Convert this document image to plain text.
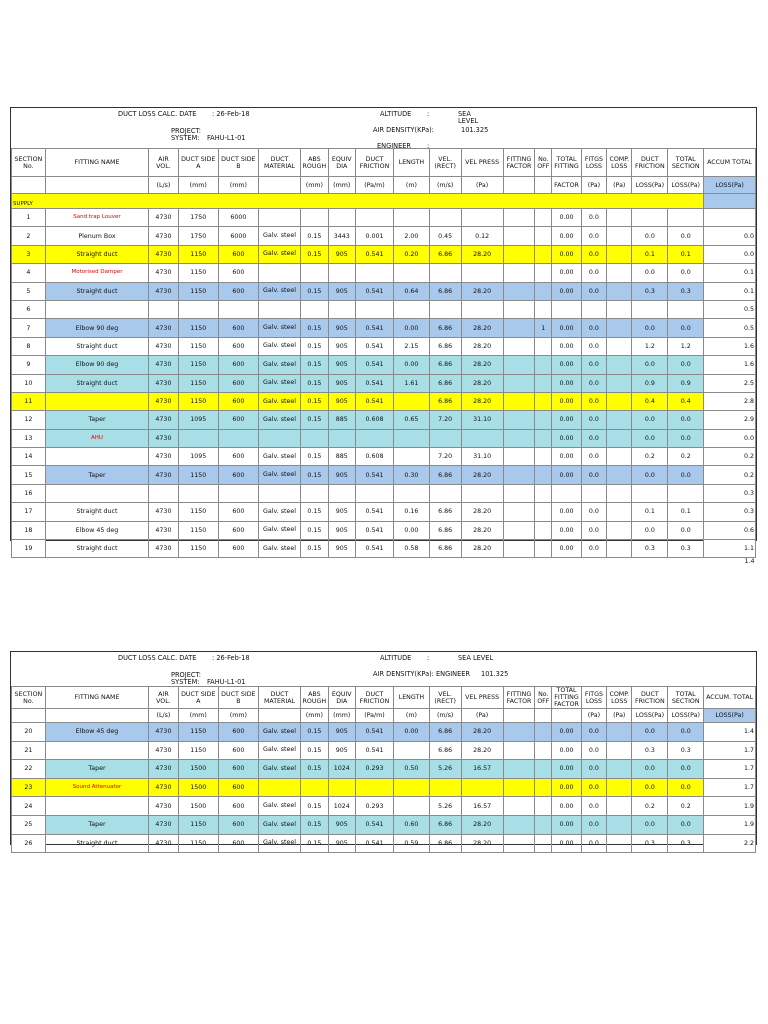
DUCT LOSS CALC. DATE : 26-Feb-18	ALTITUDE :	SEA LEVEL
PROJECT:
SYSTEM: FAHU-L1-01
AIR DENSITY(KPa):	101.325
ENGINEER :
SECTION No.	FITTING NAME	AIR VOL.	DUCT SIDE A	DUCT SIDE B	DUCT MATERIAL	ABS ROUGH	EQUIV DIA	DUCT FRICTION	LENGTH	VEL. (RECT)	VEL PRESS	FITTING FACTOR	No. OFF	TOTAL FITTING	FITGS LOSS	COMP. LOSS	DUCT FRICTION	TOTAL SECTION	ACCUM TOTAL
		(L/s)	(mm)	(mm)		(mm)	(mm)	(Pa/m)	(m)	(m/s)	(Pa)			FACTOR	(Pa)	(Pa)	LOSS(Pa)	LOSS(Pa)	LOSS(Pa)
SUPPLY																			
1	Sand trap Louver	4730	1750	6000										0.00	0.0				
2	Plenum Box	4730	1750	6000	Galv. steel	0.15	3443	0.001	2.00	0.45	0.12			0.00	0.0		0.0	0.0	0.0
3	Straight duct	4730	1150	600	Galv. steel	0.15	905	0.541	0.20	6.86	28.20			0.00	0.0		0.1	0.1	0.0
4	Motorised Damper	4730	1150	600										0.00	0.0		0.0	0.0	0.1
5	Straight duct	4730	1150	600	Galv. steel	0.15	905	0.541	0.64	6.86	28.20			0.00	0.0		0.3	0.3	0.1
6																			0.5
7	Elbow 90 deg	4730	1150	600	Galv. steel	0.15	905	0.541	0.00	6.86	28.20		1	0.00	0.0		0.0	0.0	0.5
8	Straight duct	4730	1150	600	Galv. steel	0.15	905	0.541	2.15	6.86	28.20			0.00	0.0		1.2	1.2	1.6
9	Elbow 90 deg	4730	1150	600	Galv. steel	0.15	905	0.541	0.00	6.86	28.20			0.00	0.0		0.0	0.0	1.6
10	Straight duct	4730	1150	600	Galv. steel	0.15	905	0.541	1.61	6.86	28.20			0.00	0.0		0.9	0.9	2.5
11		4730	1150	600	Galv. steel	0.15	905	0.541		6.86	28.20			0.00	0.0		0.4	0.4	2.8
12	Taper	4730	1095	600	Galv. steel	0.15	885	0.608	0.65	7.20	31.10			0.00	0.0		0.0	0.0	2.9
13	AHU	4730												0.00	0.0		0.0	0.0	0.0
14		4730	1095	600	Galv. steel	0.15	885	0.608		7.20	31.10			0.00	0.0		0.2	0.2	0.2
15	Taper	4730	1150	600	Galv. steel	0.15	905	0.541	0.30	6.86	28.20			0.00	0.0		0.0	0.0	0.2
16																			0.3
17	Straight duct	4730	1150	600	Galv. steel	0.15	905	0.541	0.16	6.86	28.20			0.00	0.0		0.1	0.1	0.3
18	Elbow 45 deg	4730	1150	600	Galv. steel	0.15	905	0.541	0.00	6.86	28.20			0.00	0.0		0.0	0.0	0.6
19	Straight duct	4730	1150	600	Galv. steel	0.15	905	0.541	0.58	6.86	28.20			0.00	0.0		0.3	0.3	1.1
																			1.4
DUCT LOSS CALC. DATE : 26-Feb-18	ALTITUDE :	SEA LEVEL
PROJECT:
SYSTEM: FAHU-L1-01
AIR DENSITY(KPa): ENGINEER 101.325
SECTION No.	FITTING NAME	AIR VOL.	DUCT SIDE A	DUCT SIDE B	DUCT MATERIAL	ABS ROUGH	EQUIV DIA	DUCT FRICTION	LENGTH	VEL. (RECT)	VEL PRESS	FITTING FACTOR	No. OFF	TOTAL FITTING FACTOR	FITGS LOSS	COMP. LOSS	DUCT FRICTION	TOTAL SECTION	ACCUM. TOTAL
		(L/s)	(mm)	(mm)		(mm)	(mm)	(Pa/m)	(m)	(m/s)	(Pa)				(Pa)	(Pa)	LOSS(Pa)	LOSS(Pa)	LOSS(Pa)
20	Elbow 45 deg	4730	1150	600	Galv. steel	0.15	905	0.541	0.00	6.86	28.20			0.00	0.0		0.0	0.0	1.4
21		4730	1150	600	Galv. steel	0.15	905	0.541		6.86	28.20			0.00	0.0		0.3	0.3	1.7
22	Taper	4730	1500	600	Galv. steel	0.15	1024	0.293	0.50	5.26	16.57			0.00	0.0		0.0	0.0	1.7
23	Sound Attenuator	4730	1500	600										0.00	0.0		0.0	0.0	1.7
24		4730	1500	600	Galv. steel	0.15	1024	0.293		5.26	16.57			0.00	0.0		0.2	0.2	1.9
25	Taper	4730	1150	600	Galv. steel	0.15	905	0.541	0.60	6.86	28.20			0.00	0.0		0.0	0.0	1.9
26	Straight duct	4730	1150	600	Galv. steel	0.15	905	0.541	0.59	6.86	28.20			0.00	0.0		0.3	0.3	2.2
